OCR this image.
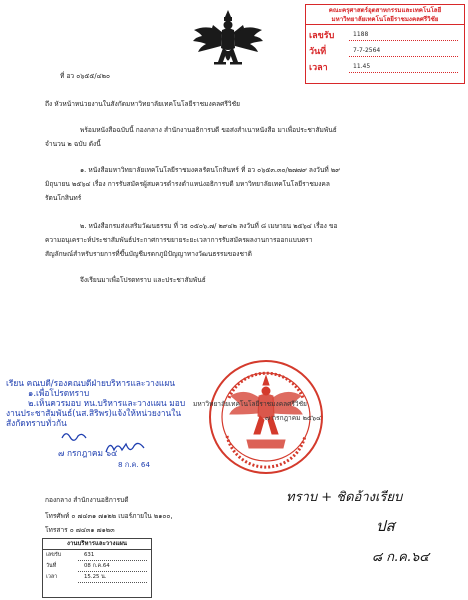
คณะครุศาสตร์อุตสาหกรรมและเทคโนโลยี
มหาวิทยาลัยเทคโนโลยีราชมงคลศรีวิชัย
เลขรับ	1188
วันที่	7-7-2564
เวลา	11.45
ที่ อว ๐๖๕๕/๔๒๐
ถึง หัวหน้าหน่วยงานในสังกัดมหาวิทยาลัยเทคโนโลยีราชมงคลศรีวิชัย
พร้อมหนังสือฉบับนี้ กองกลาง สำนักงานอธิการบดี ขอส่งสำเนาหนังสือ มาเพื่อประชาสัมพันธ์
จำนวน ๒ ฉบับ ดังนี้
๑. หนังสือมหาวิทยาลัยเทคโนโลยีราชมงคลรัตนโกสินทร์ ที่ อว ๐๖๕๓.๓๐/๒๗๗๙ ลงวันที่ ๒๙
มิถุนายน ๒๕๖๔ เรื่อง การรับสมัครผู้สมควรดำรงตำแหน่งอธิการบดี มหาวิทยาลัยเทคโนโลยีราชมงคล
รัตนโกสินทร์
๒. หนังสือกรมส่งเสริมวัฒนธรรม ที่ วธ ๐๕๐๖.๗/ ๒๙๔๒ ลงวันที่ ๘ เมษายน ๒๕๖๔ เรื่อง ขอ
ความอนุเคราะห์ประชาสัมพันธ์ประกาศการขยายระยะเวลาการรับสมัครผลงานการออกแบบตรา
สัญลักษณ์สำหรับรายการที่ขึ้นบัญชีมรดกภูมิปัญญาทางวัฒนธรรมของชาติ
จึงเรียนมาเพื่อโปรดทราบ และประชาสัมพันธ์
มหาวิทยาลัยเทคโนโลยีราชมงคลศรีวิชัย
๗ กรกฎาคม ๒๕๖๔
เรียน คณบดี/รองคณบดีฝ่ายบริหารและวางแผน
๑.เพื่อโปรดทราบ
๒.เห็นควรมอบ หน.บริหารและวางแผน มอบ
งานประชาสัมพันธ์(นส.สิริพร)แจ้งให้หน่วยงานใน
สังกัดทราบทั่วกัน
๗ กรกฎาคม ๖๔
8 ก.ค. 64
ทราบ + ชิดอ้างเรียบ
ปส
๘ ก.ค.๖๔
กองกลาง สำนักงานอธิการบดี
โทรศัพท์ ๐ ๗๔๓๑ ๗๑๒๒ เบอร์ภายใน ๒๑๐๐,
โทรสาร ๐ ๗๔๓๑ ๗๑๒๓
งานบริหารและวางแผน
เลขรับ	631
วันที่	08 ก.ค.64
เวลา	15.25 น.
